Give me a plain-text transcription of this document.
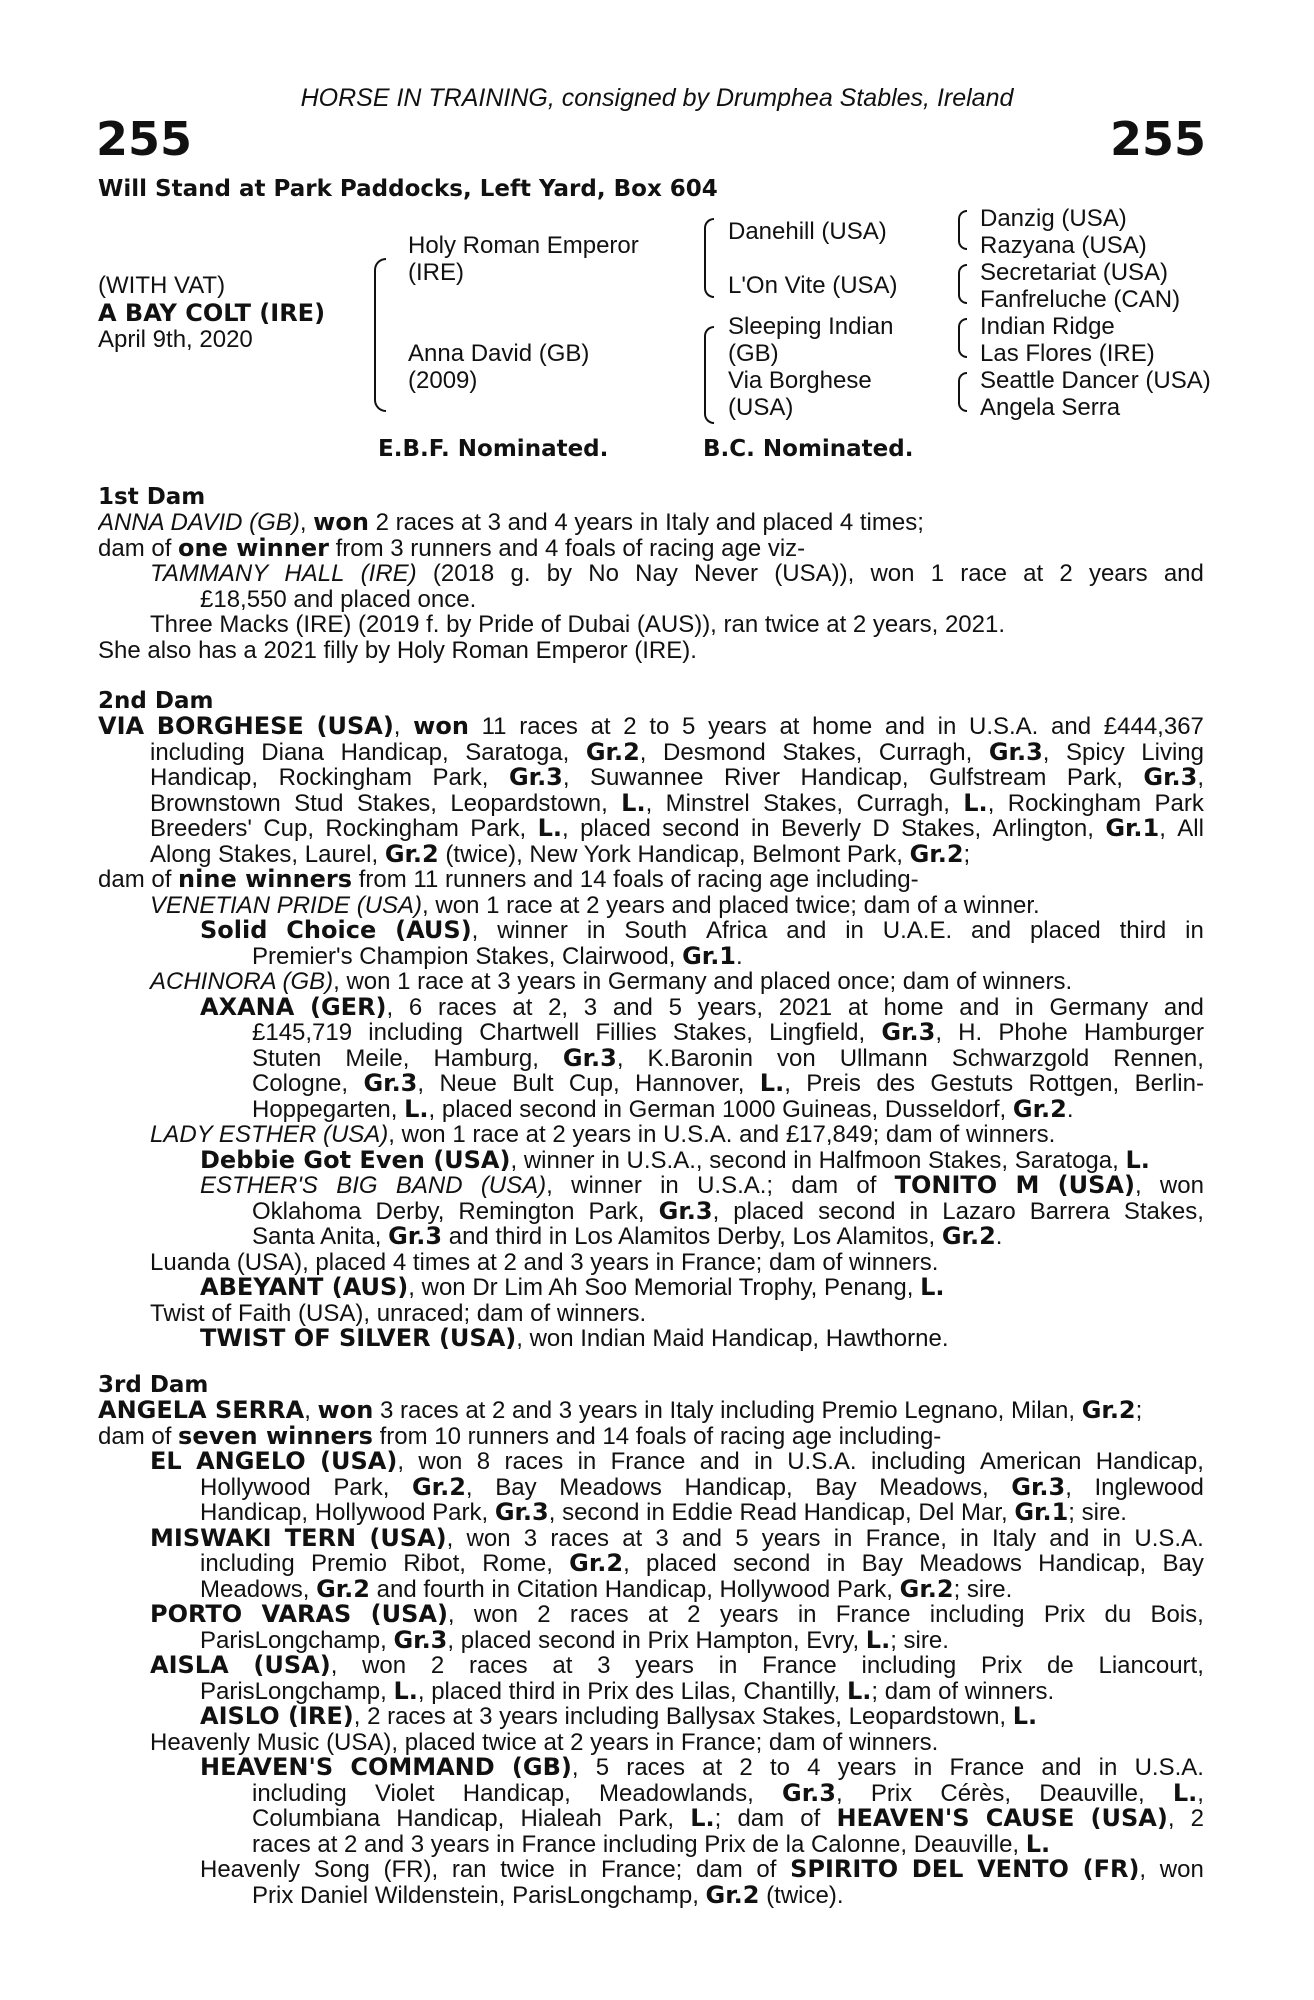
HORSE IN TRAINING, consigned by Drumphea Stables, Ireland
255	255
Will Stand at Park Paddocks, Left Yard, Box 604
(WITH VAT)
A BAY COLT (IRE)
April 9th, 2020
Holy Roman Emperor
(IRE)
Anna David (GB)
(2009)
Danehill (USA)
L'On Vite (USA)
Sleeping Indian
(GB)
Via Borghese
(USA)
Danzig (USA)
Razyana (USA)
Secretariat (USA)
Fanfreluche (CAN)
Indian Ridge
Las Flores (IRE)
Seattle Dancer (USA)
Angela Serra
E.B.F. Nominated.	B.C. Nominated.
1st Dam
ANNA DAVID (GB), won 2 races at 3 and 4 years in Italy and placed 4 times;
dam of one winner from 3 runners and 4 foals of racing age viz-
TAMMANY HALL (IRE) (2018 g. by No Nay Never (USA)), won 1 race at 2 years and
£18,550 and placed once.
Three Macks (IRE) (2019 f. by Pride of Dubai (AUS)), ran twice at 2 years, 2021.
She also has a 2021 filly by Holy Roman Emperor (IRE).
2nd Dam
VIA BORGHESE (USA), won 11 races at 2 to 5 years at home and in U.S.A. and £444,367
including Diana Handicap, Saratoga, Gr.2, Desmond Stakes, Curragh, Gr.3, Spicy Living
Handicap, Rockingham Park, Gr.3, Suwannee River Handicap, Gulfstream Park, Gr.3,
Brownstown Stud Stakes, Leopardstown, L., Minstrel Stakes, Curragh, L., Rockingham Park
Breeders' Cup, Rockingham Park, L., placed second in Beverly D Stakes, Arlington, Gr.1, All
Along Stakes, Laurel, Gr.2 (twice), New York Handicap, Belmont Park, Gr.2;
dam of nine winners from 11 runners and 14 foals of racing age including-
VENETIAN PRIDE (USA), won 1 race at 2 years and placed twice; dam of a winner.
Solid Choice (AUS), winner in South Africa and in U.A.E. and placed third in
Premier's Champion Stakes, Clairwood, Gr.1.
ACHINORA (GB), won 1 race at 3 years in Germany and placed once; dam of winners.
AXANA (GER), 6 races at 2, 3 and 5 years, 2021 at home and in Germany and
£145,719 including Chartwell Fillies Stakes, Lingfield, Gr.3, H. Phohe Hamburger
Stuten Meile, Hamburg, Gr.3, K.Baronin von Ullmann Schwarzgold Rennen,
Cologne, Gr.3, Neue Bult Cup, Hannover, L., Preis des Gestuts Rottgen, Berlin-
Hoppegarten, L., placed second in German 1000 Guineas, Dusseldorf, Gr.2.
LADY ESTHER (USA), won 1 race at 2 years in U.S.A. and £17,849; dam of winners.
Debbie Got Even (USA), winner in U.S.A., second in Halfmoon Stakes, Saratoga, L.
ESTHER'S BIG BAND (USA), winner in U.S.A.; dam of TONITO M (USA), won
Oklahoma Derby, Remington Park, Gr.3, placed second in Lazaro Barrera Stakes,
Santa Anita, Gr.3 and third in Los Alamitos Derby, Los Alamitos, Gr.2.
Luanda (USA), placed 4 times at 2 and 3 years in France; dam of winners.
ABEYANT (AUS), won Dr Lim Ah Soo Memorial Trophy, Penang, L.
Twist of Faith (USA), unraced; dam of winners.
TWIST OF SILVER (USA), won Indian Maid Handicap, Hawthorne.
3rd Dam
ANGELA SERRA, won 3 races at 2 and 3 years in Italy including Premio Legnano, Milan, Gr.2;
dam of seven winners from 10 runners and 14 foals of racing age including-
EL ANGELO (USA), won 8 races in France and in U.S.A. including American Handicap,
Hollywood Park, Gr.2, Bay Meadows Handicap, Bay Meadows, Gr.3, Inglewood
Handicap, Hollywood Park, Gr.3, second in Eddie Read Handicap, Del Mar, Gr.1; sire.
MISWAKI TERN (USA), won 3 races at 3 and 5 years in France, in Italy and in U.S.A.
including Premio Ribot, Rome, Gr.2, placed second in Bay Meadows Handicap, Bay
Meadows, Gr.2 and fourth in Citation Handicap, Hollywood Park, Gr.2; sire.
PORTO VARAS (USA), won 2 races at 2 years in France including Prix du Bois,
ParisLongchamp, Gr.3, placed second in Prix Hampton, Evry, L.; sire.
AISLA (USA), won 2 races at 3 years in France including Prix de Liancourt,
ParisLongchamp, L., placed third in Prix des Lilas, Chantilly, L.; dam of winners.
AISLO (IRE), 2 races at 3 years including Ballysax Stakes, Leopardstown, L.
Heavenly Music (USA), placed twice at 2 years in France; dam of winners.
HEAVEN'S COMMAND (GB), 5 races at 2 to 4 years in France and in U.S.A.
including Violet Handicap, Meadowlands, Gr.3, Prix Cérès, Deauville, L.,
Columbiana Handicap, Hialeah Park, L.; dam of HEAVEN'S CAUSE (USA), 2
races at 2 and 3 years in France including Prix de la Calonne, Deauville, L.
Heavenly Song (FR), ran twice in France; dam of SPIRITO DEL VENTO (FR), won
Prix Daniel Wildenstein, ParisLongchamp, Gr.2 (twice).
